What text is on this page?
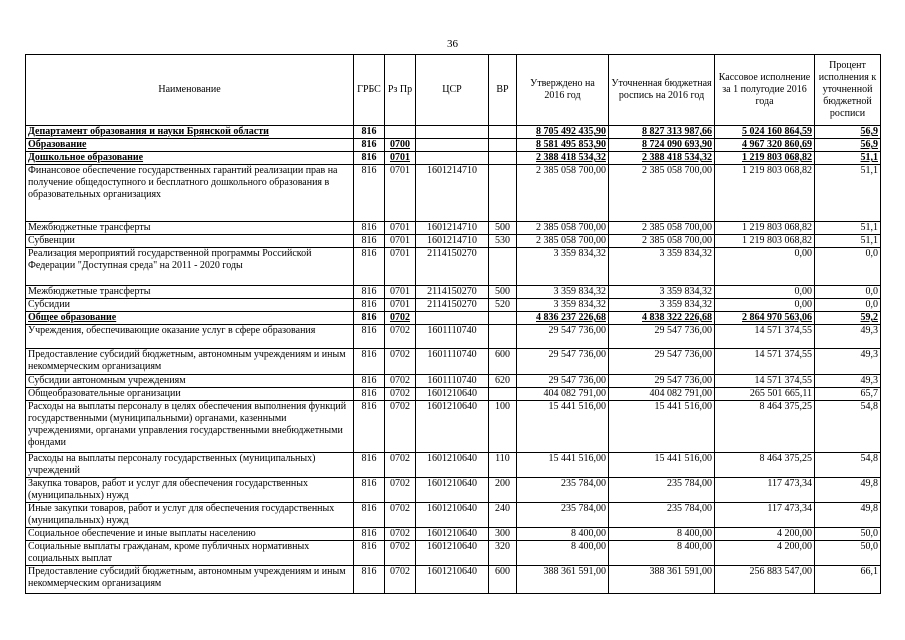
36
Наименование	ГРБС	Рз Пр	ЦСР	ВР	Утверждено на 2016 год	Уточненная бюджетная роспись на 2016 год	Кассовое исполнение за 1 полугодие 2016 года	Процент исполнения к уточненной бюджетной росписи
Департамент образования и науки Брянской области	816				8 705 492 435,90	8 827 313 987,66	5 024 160 864,59	56,9
Образование	816	0700			8 581 495 853,90	8 724 090 693,90	4 967 320 860,69	56,9
Дошкольное образование	816	0701			2 388 418 534,32	2 388 418 534,32	1 219 803 068,82	51,1
Финансовое обеспечение государственных гарантий реализации прав на получение общедоступного и бесплатного дошкольного образования в образовательных организациях	816	0701	1601214710		2 385 058 700,00	2 385 058 700,00	1 219 803 068,82	51,1
Межбюджетные трансферты	816	0701	1601214710	500	2 385 058 700,00	2 385 058 700,00	1 219 803 068,82	51,1
Субвенции	816	0701	1601214710	530	2 385 058 700,00	2 385 058 700,00	1 219 803 068,82	51,1
Реализация мероприятий государственной программы Российской Федерации "Доступная среда" на 2011 - 2020 годы	816	0701	2114150270		3 359 834,32	3 359 834,32	0,00	0,0
Межбюджетные трансферты	816	0701	2114150270	500	3 359 834,32	3 359 834,32	0,00	0,0
Субсидии	816	0701	2114150270	520	3 359 834,32	3 359 834,32	0,00	0,0
Общее образование	816	0702			4 836 237 226,68	4 838 322 226,68	2 864 970 563,06	59,2
Учреждения, обеспечивающие оказание услуг в сфере образования	816	0702	1601110740		29 547 736,00	29 547 736,00	14 571 374,55	49,3
Предоставление субсидий бюджетным, автономным учреждениям и иным некоммерческим организациям	816	0702	1601110740	600	29 547 736,00	29 547 736,00	14 571 374,55	49,3
Субсидии автономным учреждениям	816	0702	1601110740	620	29 547 736,00	29 547 736,00	14 571 374,55	49,3
Общеобразовательные организации	816	0702	1601210640		404 082 791,00	404 082 791,00	265 501 665,11	65,7
Расходы на выплаты персоналу в целях обеспечения выполнения функций государственными (муниципальными) органами, казенными учреждениями, органами управления государственными внебюджетными фондами	816	0702	1601210640	100	15 441 516,00	15 441 516,00	8 464 375,25	54,8
Расходы на выплаты персоналу государственных (муниципальных) учреждений	816	0702	1601210640	110	15 441 516,00	15 441 516,00	8 464 375,25	54,8
Закупка товаров, работ и услуг для обеспечения государственных (муниципальных) нужд	816	0702	1601210640	200	235 784,00	235 784,00	117 473,34	49,8
Иные закупки товаров, работ и услуг для обеспечения государственных (муниципальных) нужд	816	0702	1601210640	240	235 784,00	235 784,00	117 473,34	49,8
Социальное обеспечение и иные выплаты населению	816	0702	1601210640	300	8 400,00	8 400,00	4 200,00	50,0
Социальные выплаты гражданам, кроме публичных нормативных социальных выплат	816	0702	1601210640	320	8 400,00	8 400,00	4 200,00	50,0
Предоставление субсидий бюджетным, автономным учреждениям и иным некоммерческим организациям	816	0702	1601210640	600	388 361 591,00	388 361 591,00	256 883 547,00	66,1
